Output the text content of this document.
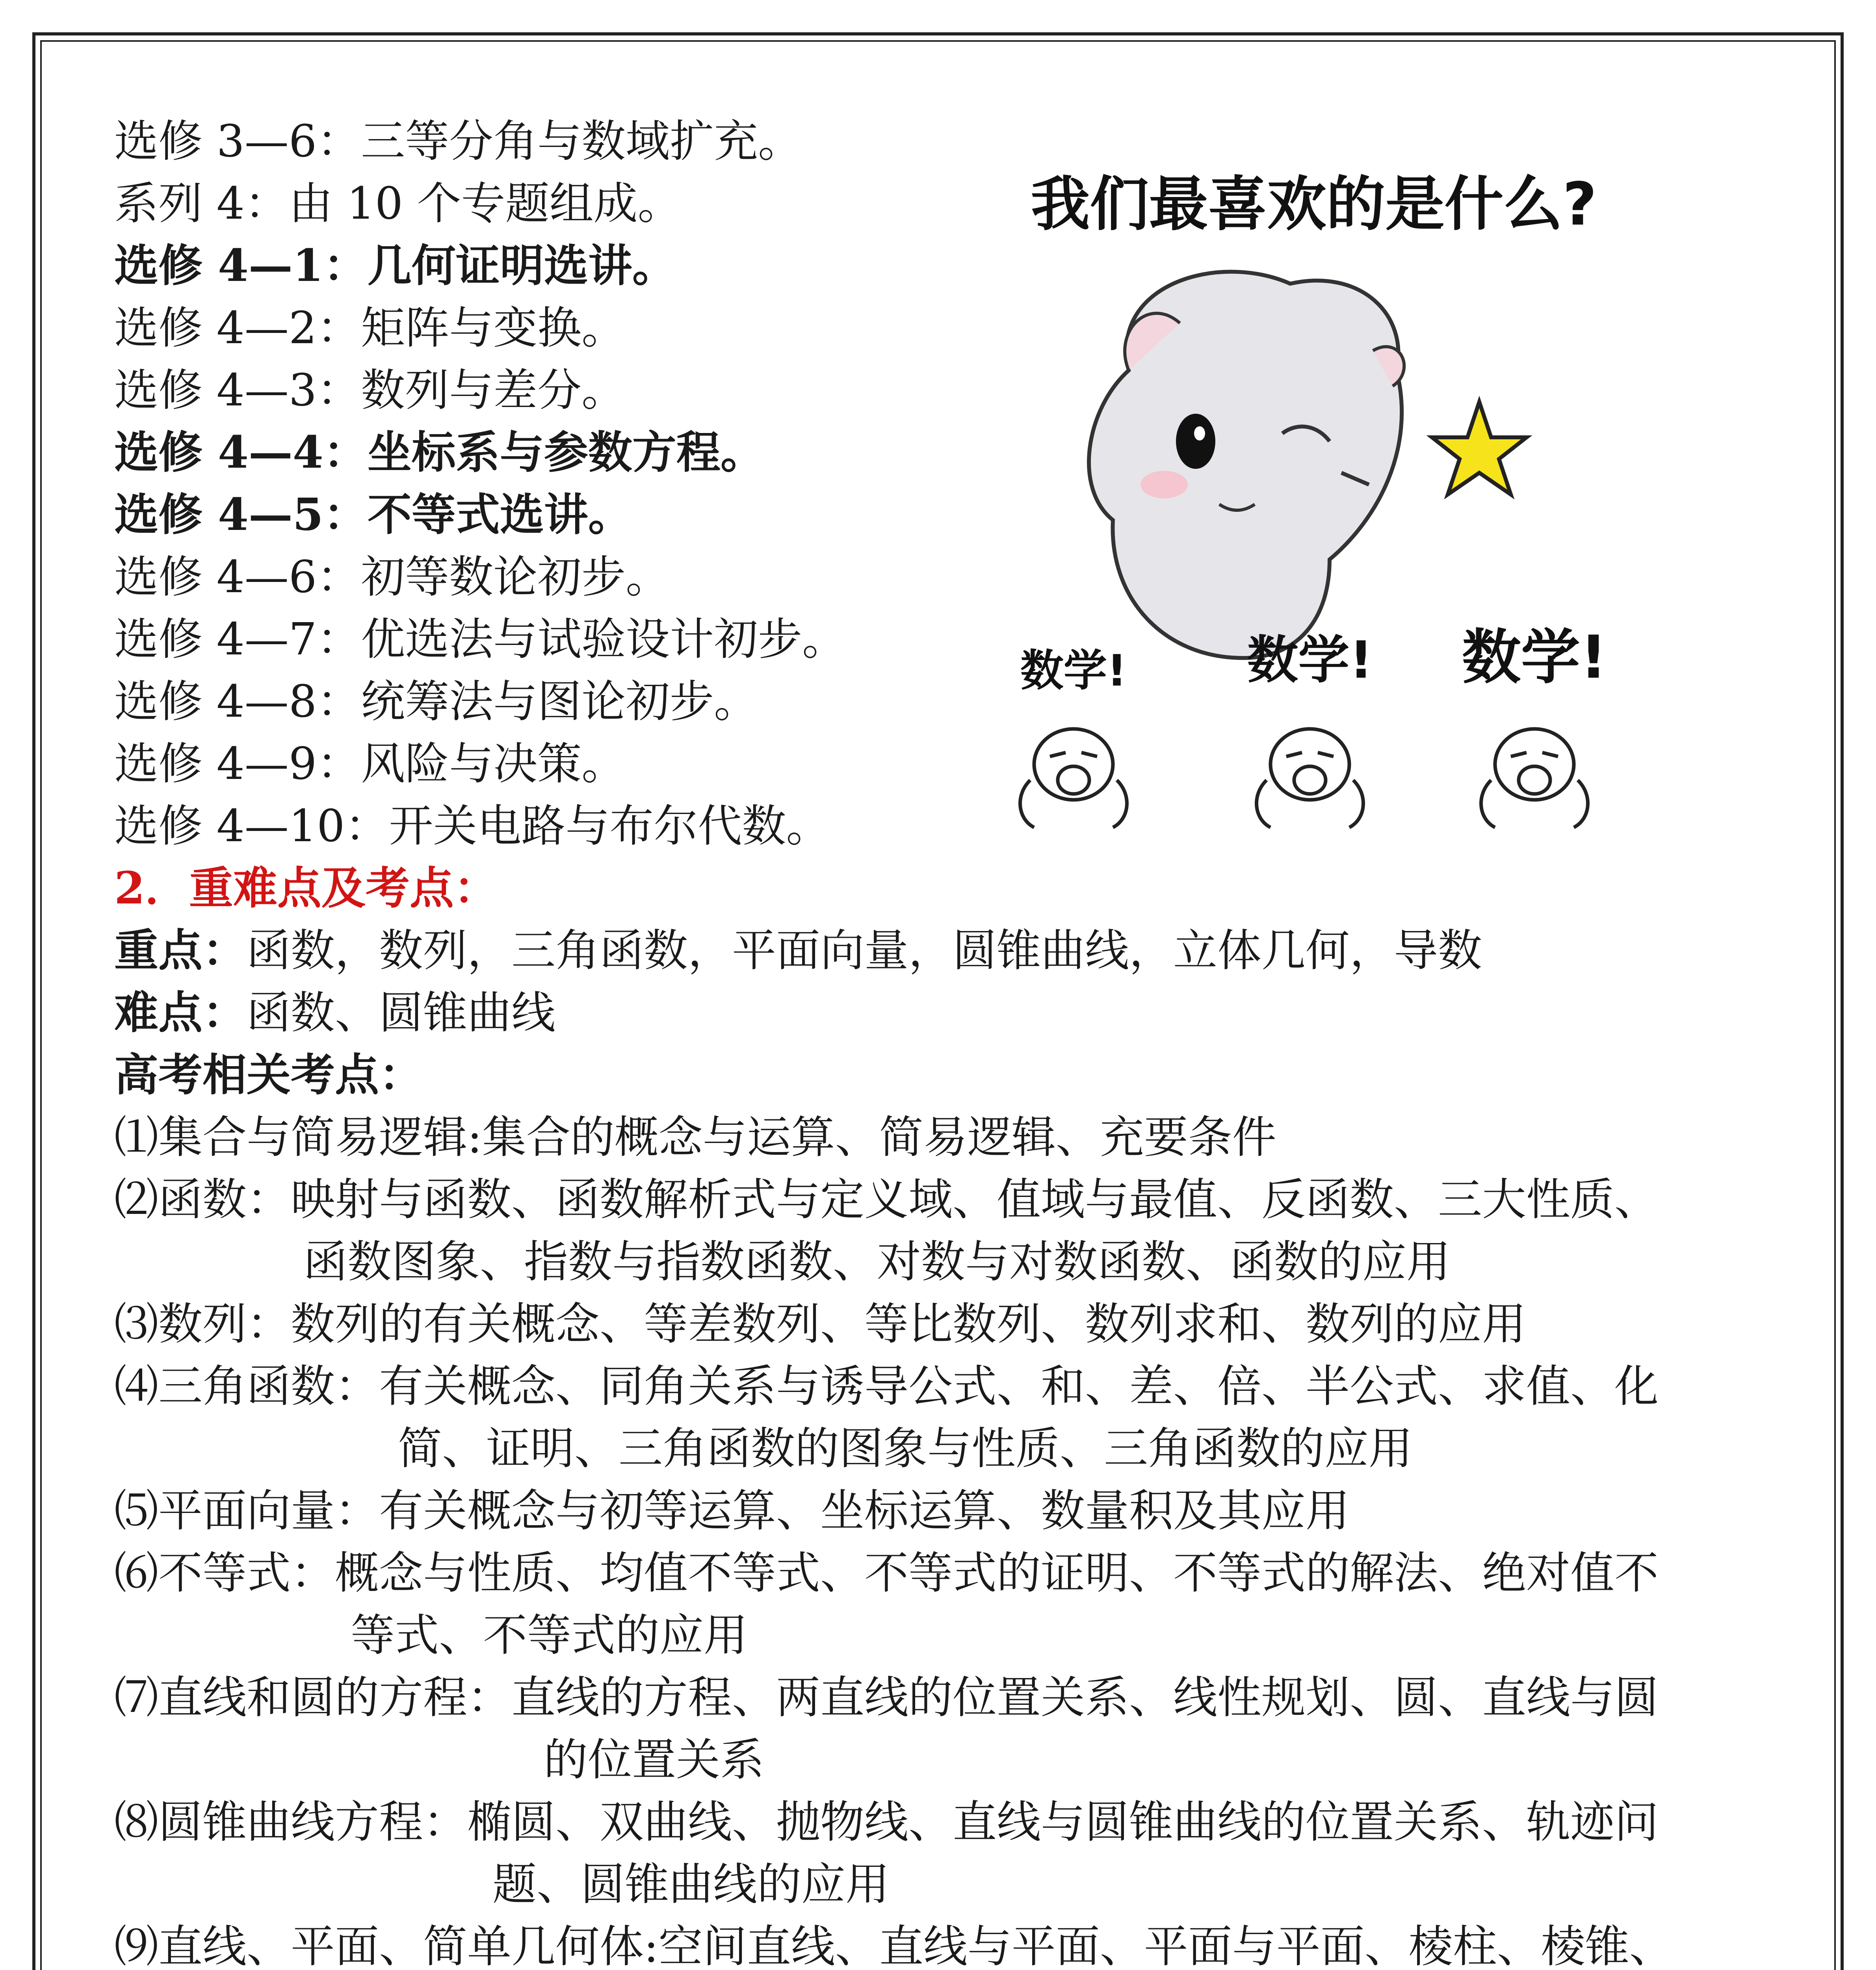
选修 3—6：三等分角与数域扩充。
系列 4：由 10 个专题组成。
选修 4—1：几何证明选讲。
选修 4—2：矩阵与变换。
选修 4—3：数列与差分。
选修 4—4：坐标系与参数方程。
选修 4—5：不等式选讲。
选修 4—6：初等数论初步。
选修 4—7：优选法与试验设计初步。
选修 4—8：统筹法与图论初步。
选修 4—9：风险与决策。
选修 4—10：开关电路与布尔代数。
2．重难点及考点：
重点：函数，数列，三角函数，平面向量，圆锥曲线，立体几何，导数
难点：函数、圆锥曲线
高考相关考点：
⑴集合与简易逻辑:集合的概念与运算、简易逻辑、充要条件
⑵函数：映射与函数、函数解析式与定义域、值域与最值、反函数、三大性质、
函数图象、指数与指数函数、对数与对数函数、函数的应用
⑶数列：数列的有关概念、等差数列、等比数列、数列求和、数列的应用
⑷三角函数：有关概念、同角关系与诱导公式、和、差、倍、半公式、求值、化
简、证明、三角函数的图象与性质、三角函数的应用
⑸平面向量：有关概念与初等运算、坐标运算、数量积及其应用
⑹不等式：概念与性质、均值不等式、不等式的证明、不等式的解法、绝对值不
等式、不等式的应用
⑺直线和圆的方程：直线的方程、两直线的位置关系、线性规划、圆、直线与圆
的位置关系
⑻圆锥曲线方程：椭圆、双曲线、抛物线、直线与圆锥曲线的位置关系、轨迹问
题、圆锥曲线的应用
⑼直线、平面、简单几何体:空间直线、直线与平面、平面与平面、棱柱、棱锥、
我们最喜欢的是什么?
数学! 数学! 数学!
